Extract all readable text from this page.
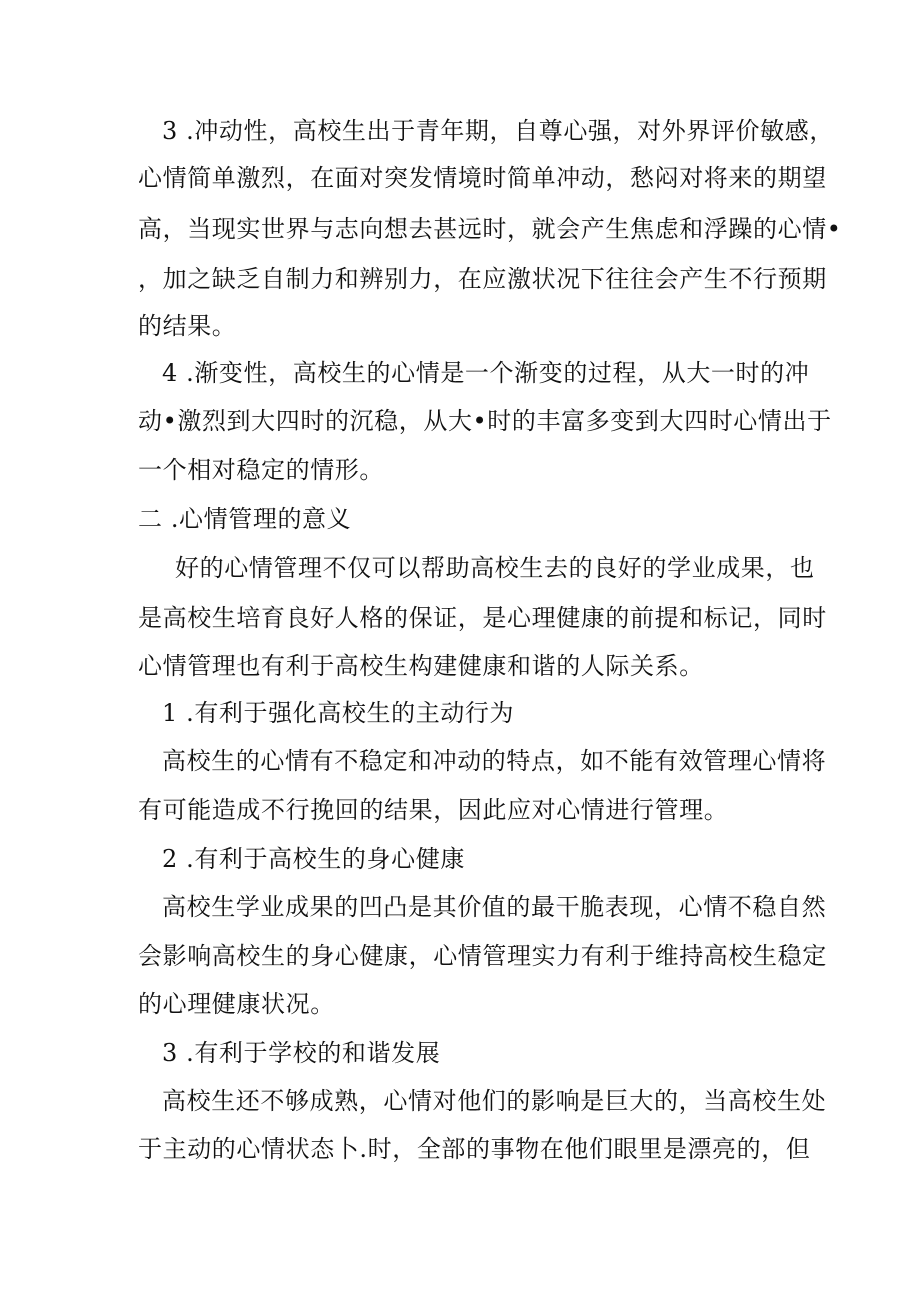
3 .冲动性，高校生出于青年期，自尊心强，对外界评价敏感，
心情简单激烈，在面对突发情境时简单冲动，愁闷对将来的期望
高，当现实世界与志向想去甚远时，就会产生焦虑和浮躁的心情•
，加之缺乏自制力和辨别力，在应激状况下往往会产生不行预期
的结果。
4 .渐变性，高校生的心情是一个渐变的过程，从大一时的冲
动•激烈到大四时的沉稳，从大•时的丰富多变到大四时心情出于
一个相对稳定的情形。
二 .心情管理的意义
好的心情管理不仅可以帮助高校生去的良好的学业成果，也
是高校生培育良好人格的保证，是心理健康的前提和标记，同时
心情管理也有利于高校生构建健康和谐的人际关系。
1 .有利于强化高校生的主动行为
高校生的心情有不稳定和冲动的特点，如不能有效管理心情将
有可能造成不行挽回的结果，因此应对心情进行管理。
2 .有利于高校生的身心健康
高校生学业成果的凹凸是其价值的最干脆表现，心情不稳自然
会影响高校生的身心健康，心情管理实力有利于维持高校生稳定
的心理健康状况。
3 .有利于学校的和谐发展
高校生还不够成熟，心情对他们的影响是巨大的，当高校生处
于主动的心情状态卜.时，全部的事物在他们眼里是漂亮的，但
